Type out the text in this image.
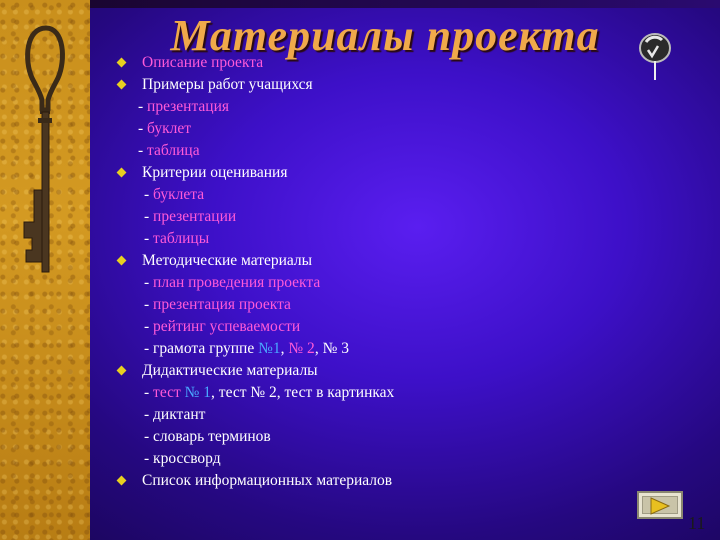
Материалы проекта
Описание проекта
Примеры работ учащихся
- презентация
- буклет
- таблица
Критерии оценивания
- буклета
- презентации
- таблицы
Методические материалы
- план проведения проекта
- презентация проекта
- рейтинг успеваемости
- грамота группе №1, № 2, № 3
Дидактические материалы
- тест № 1, тест № 2, тест в картинках
- диктант
- словарь терминов
- кроссворд
Список информационных материалов
11
